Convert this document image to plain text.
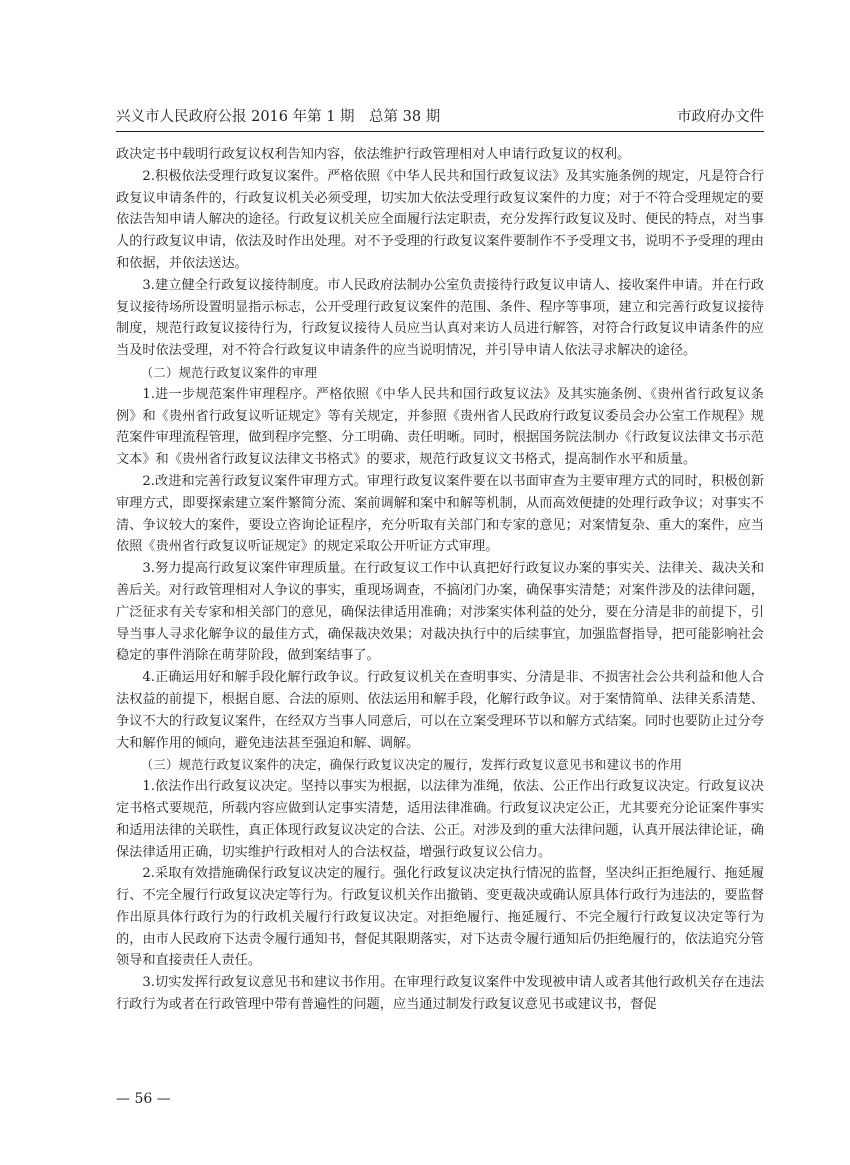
兴义市人民政府公报 2016 年第 1 期　总第 38 期	市政府办文件

政决定书中载明行政复议权利告知内容，依法维护行政管理相对人申请行政复议的权利。

2.积极依法受理行政复议案件。严格依照《中华人民共和国行政复议法》及其实施条例的规定，凡是符合行政复议申请条件的，行政复议机关必须受理，切实加大依法受理行政复议案件的力度；对于不符合受理规定的要依法告知申请人解决的途径。行政复议机关应全面履行法定职责，充分发挥行政复议及时、便民的特点，对当事人的行政复议申请，依法及时作出处理。对不予受理的行政复议案件要制作不予受理文书，说明不予受理的理由和依据，并依法送达。

3.建立健全行政复议接待制度。市人民政府法制办公室负责接待行政复议申请人、接收案件申请。并在行政复议接待场所设置明显指示标志，公开受理行政复议案件的范围、条件、程序等事项，建立和完善行政复议接待制度，规范行政复议接待行为，行政复议接待人员应当认真对来访人员进行解答，对符合行政复议申请条件的应当及时依法受理，对不符合行政复议申请条件的应当说明情况，并引导申请人依法寻求解决的途径。

（二）规范行政复议案件的审理

1.进一步规范案件审理程序。严格依照《中华人民共和国行政复议法》及其实施条例、《贵州省行政复议条例》和《贵州省行政复议听证规定》等有关规定，并参照《贵州省人民政府行政复议委员会办公室工作规程》规范案件审理流程管理，做到程序完整、分工明确、责任明晰。同时，根据国务院法制办《行政复议法律文书示范文本》和《贵州省行政复议法律文书格式》的要求，规范行政复议文书格式，提高制作水平和质量。

2.改进和完善行政复议案件审理方式。审理行政复议案件要在以书面审查为主要审理方式的同时，积极创新审理方式，即要探索建立案件繁简分流、案前调解和案中和解等机制，从而高效便捷的处理行政争议；对事实不清、争议较大的案件，要设立咨询论证程序，充分听取有关部门和专家的意见；对案情复杂、重大的案件，应当依照《贵州省行政复议听证规定》的规定采取公开听证方式审理。

3.努力提高行政复议案件审理质量。在行政复议工作中认真把好行政复议办案的事实关、法律关、裁决关和善后关。对行政管理相对人争议的事实，重现场调查，不搞闭门办案，确保事实清楚；对案件涉及的法律问题，广泛征求有关专家和相关部门的意见，确保法律适用准确；对涉案实体利益的处分，要在分清是非的前提下，引导当事人寻求化解争议的最佳方式，确保裁决效果；对裁决执行中的后续事宜，加强监督指导，把可能影响社会稳定的事件消除在萌芽阶段，做到案结事了。

4.正确运用好和解手段化解行政争议。行政复议机关在查明事实、分清是非、不损害社会公共利益和他人合法权益的前提下，根据自愿、合法的原则、依法运用和解手段，化解行政争议。对于案情简单、法律关系清楚、争议不大的行政复议案件，在经双方当事人同意后，可以在立案受理环节以和解方式结案。同时也要防止过分夸大和解作用的倾向，避免违法甚至强迫和解、调解。

（三）规范行政复议案件的决定，确保行政复议决定的履行，发挥行政复议意见书和建议书的作用

1.依法作出行政复议决定。坚持以事实为根据，以法律为准绳，依法、公正作出行政复议决定。行政复议决定书格式要规范，所载内容应做到认定事实清楚，适用法律准确。行政复议决定公正，尤其要充分论证案件事实和适用法律的关联性，真正体现行政复议决定的合法、公正。对涉及到的重大法律问题，认真开展法律论证，确保法律适用正确，切实维护行政相对人的合法权益，增强行政复议公信力。

2.采取有效措施确保行政复议决定的履行。强化行政复议决定执行情况的监督，坚决纠正拒绝履行、拖延履行、不完全履行行政复议决定等行为。行政复议机关作出撤销、变更裁决或确认原具体行政行为违法的，要监督作出原具体行政行为的行政机关履行行政复议决定。对拒绝履行、拖延履行、不完全履行行政复议决定等行为的，由市人民政府下达责令履行通知书，督促其限期落实，对下达责令履行通知后仍拒绝履行的，依法追究分管领导和直接责任人责任。

3.切实发挥行政复议意见书和建议书作用。在审理行政复议案件中发现被申请人或者其他行政机关存在违法行政行为或者在行政管理中带有普遍性的问题，应当通过制发行政复议意见书或建议书，督促

— 56 —
